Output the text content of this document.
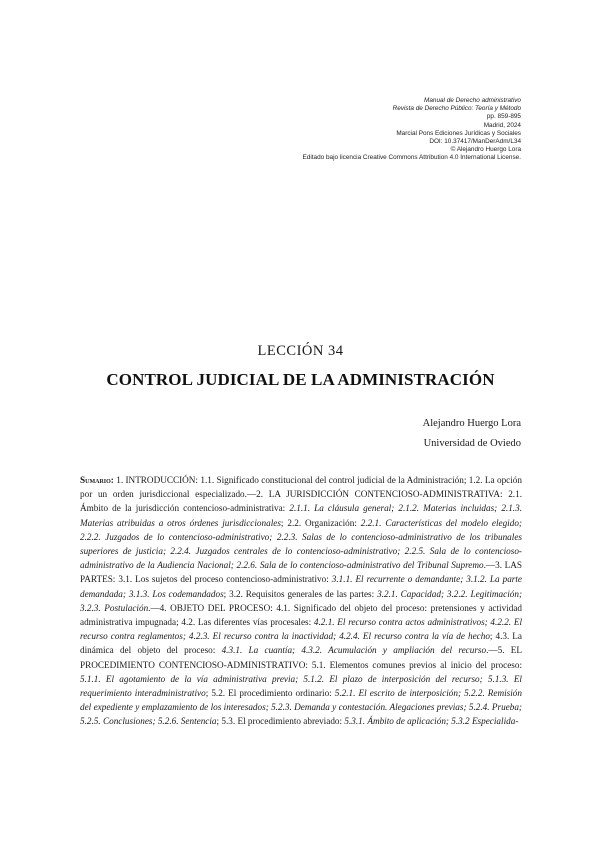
Manual de Derecho administrativo
Revista de Derecho Público: Teoría y Método
pp. 859-895
Madrid, 2024
Marcial Pons Ediciones Jurídicas y Sociales
DOI: 10.37417/ManDerAdm/L34
© Alejandro Huergo Lora
Editado bajo licencia Creative Commons Attribution 4.0 International License.
LECCIÓN 34
CONTROL JUDICIAL DE LA ADMINISTRACIÓN
Alejandro Huergo Lora
Universidad de Oviedo
Sumario: 1. INTRODUCCIÓN: 1.1. Significado constitucional del control judicial de la Administración; 1.2. La opción por un orden jurisdiccional especializado.—2. LA JURISDICCIÓN CONTENCIOSO-ADMINISTRATIVA: 2.1. Ámbito de la jurisdicción contencioso-administrativa: 2.1.1. La cláusula general; 2.1.2. Materias incluidas; 2.1.3. Materias atribuidas a otros órdenes jurisdiccionales; 2.2. Organización: 2.2.1. Características del modelo elegido; 2.2.2. Juzgados de lo contencioso-administrativo; 2.2.3. Salas de lo contencioso-administrativo de los tribunales superiores de justicia; 2.2.4. Juzgados centrales de lo contencioso-administrativo; 2.2.5. Sala de lo contencioso-administrativo de la Audiencia Nacional; 2.2.6. Sala de lo contencioso-administrativo del Tribunal Supremo.—3. LAS PARTES: 3.1. Los sujetos del proceso contencioso-administrativo: 3.1.1. El recurrente o demandante; 3.1.2. La parte demandada; 3.1.3. Los codemandados; 3.2. Requisitos generales de las partes: 3.2.1. Capacidad; 3.2.2. Legitimación; 3.2.3. Postulación.—4. OBJETO DEL PROCESO: 4.1. Significado del objeto del proceso: pretensiones y actividad administrativa impugnada; 4.2. Las diferentes vías procesales: 4.2.1. El recurso contra actos administrativos; 4.2.2. El recurso contra reglamentos; 4.2.3. El recurso contra la inactividad; 4.2.4. El recurso contra la vía de hecho; 4.3. La dinámica del objeto del proceso: 4.3.1. La cuantía; 4.3.2. Acumulación y ampliación del recurso.—5. EL PROCEDIMIENTO CONTENCIOSO-ADMINISTRATIVO: 5.1. Elementos comunes previos al inicio del proceso: 5.1.1. El agotamiento de la vía administrativa previa; 5.1.2. El plazo de interposición del recurso; 5.1.3. El requerimiento interadministrativo; 5.2. El procedimiento ordinario: 5.2.1. El escrito de interposición; 5.2.2. Remisión del expediente y emplazamiento de los interesados; 5.2.3. Demanda y contestación. Alegaciones previas; 5.2.4. Prueba; 5.2.5. Conclusiones; 5.2.6. Sentencia; 5.3. El procedimiento abreviado: 5.3.1. Ámbito de aplicación; 5.3.2 Especialida-
